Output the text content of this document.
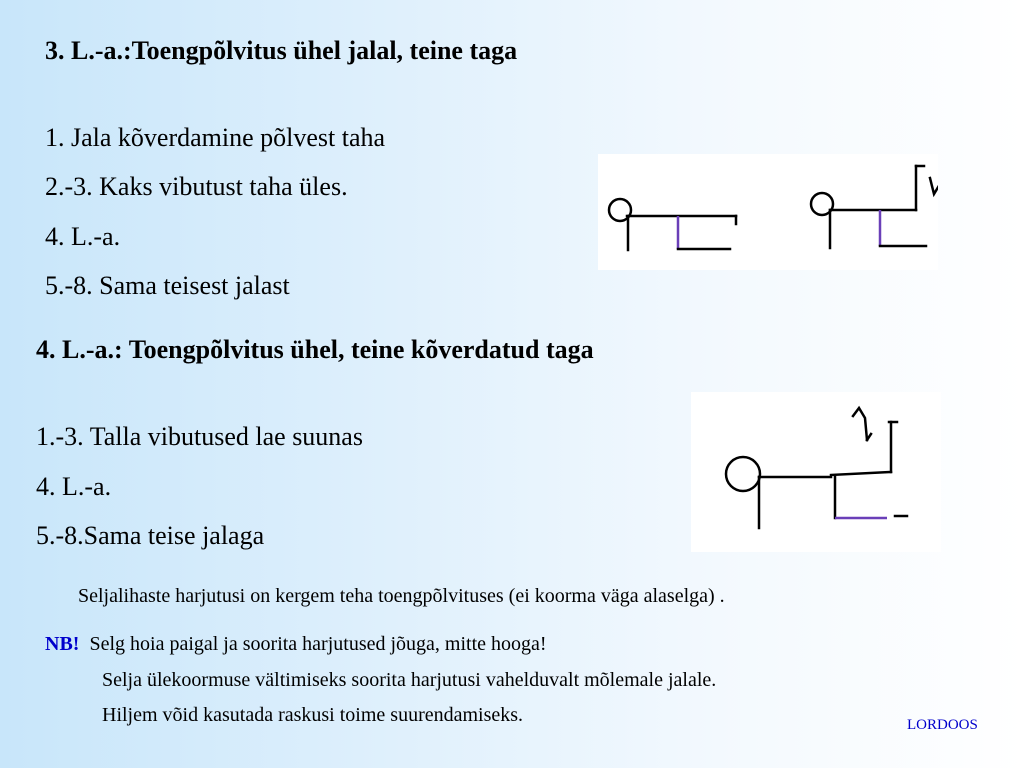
3. L.-a.:Toengpõlvitus ühel jalal, teine taga
1. Jala kõverdamine põlvest taha
2.-3. Kaks vibutust taha üles.
4. L.-a.
5.-8. Sama teisest jalast
4. L.-a.: Toengpõlvitus ühel, teine kõverdatud taga
1.-3. Talla vibutused lae suunas
4. L.-a.
5.-8.Sama teise jalaga
Seljalihaste harjutusi on kergem teha toengpõlvituses (ei koorma väga alaselga) .
NB! Selg hoia paigal ja soorita harjutused jõuga, mitte hooga!
Selja ülekoormuse vältimiseks soorita harjutusi vahelduvalt mõlemale jalale.
Hiljem võid kasutada raskusi toime suurendamiseks.	LORDOOS
